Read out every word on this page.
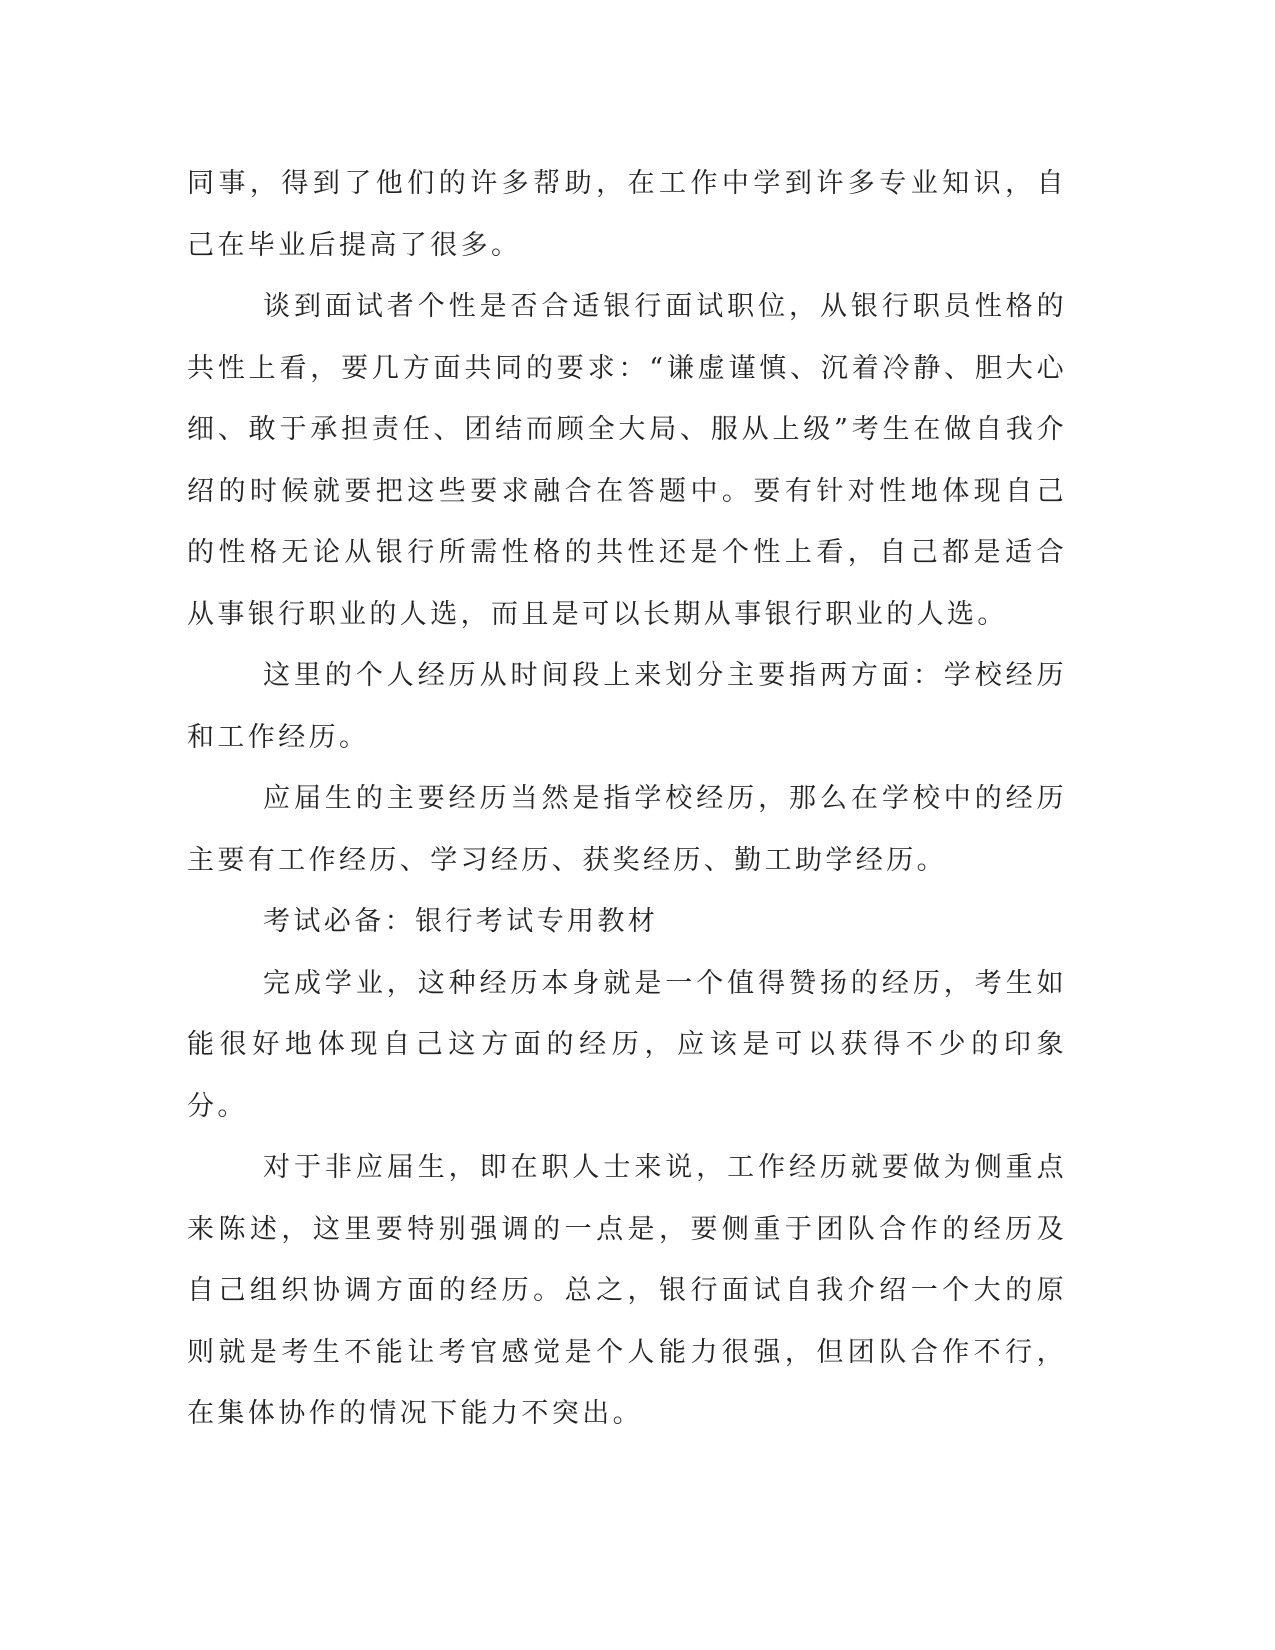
同事，得到了他们的许多帮助，在工作中学到许多专业知识，自己在毕业后提高了很多。

谈到面试者个性是否合适银行面试职位，从银行职员性格的共性上看，要几方面共同的要求：“谦虚谨慎、沉着冷静、胆大心细、敢于承担责任、团结而顾全大局、服从上级”考生在做自我介绍的时候就要把这些要求融合在答题中。要有针对性地体现自己的性格无论从银行所需性格的共性还是个性上看，自己都是适合从事银行职业的人选，而且是可以长期从事银行职业的人选。

这里的个人经历从时间段上来划分主要指两方面：学校经历和工作经历。

应届生的主要经历当然是指学校经历，那么在学校中的经历主要有工作经历、学习经历、获奖经历、勤工助学经历。

考试必备：银行考试专用教材

完成学业，这种经历本身就是一个值得赞扬的经历，考生如能很好地体现自己这方面的经历，应该是可以获得不少的印象分。

对于非应届生，即在职人士来说，工作经历就要做为侧重点来陈述，这里要特别强调的一点是，要侧重于团队合作的经历及自己组织协调方面的经历。总之，银行面试自我介绍一个大的原则就是考生不能让考官感觉是个人能力很强，但团队合作不行，在集体协作的情况下能力不突出。
